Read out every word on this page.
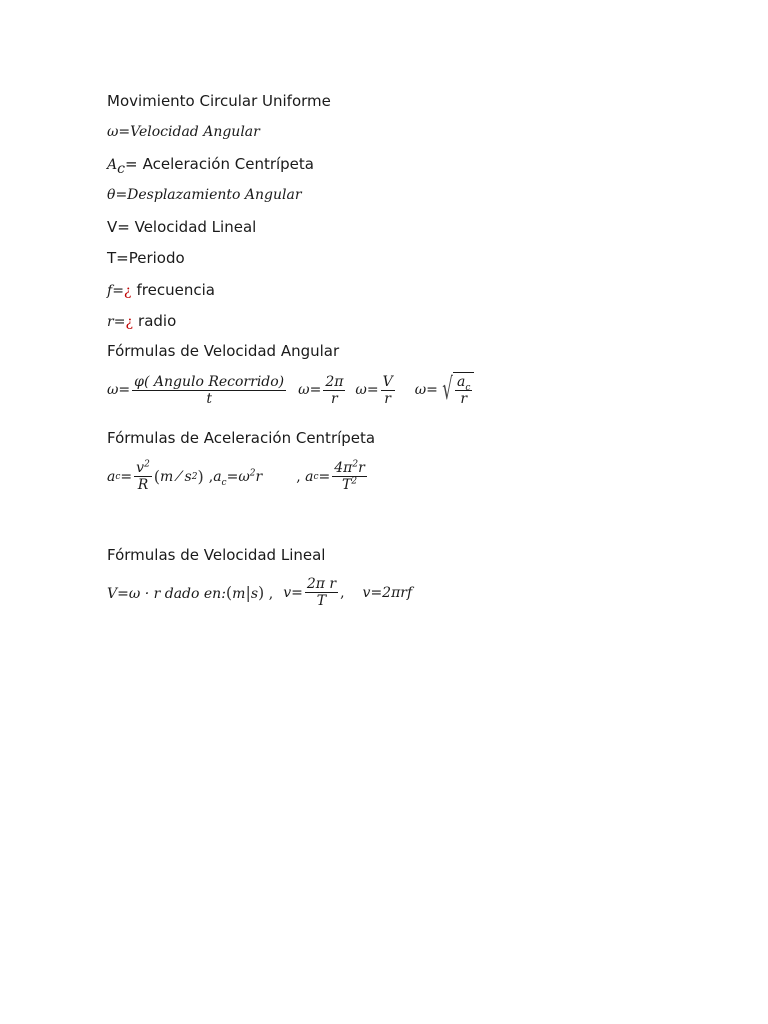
Movimiento Circular Uniforme
ω=Velocidad Angular
$A_c=$ Aceleración Centrípeta
θ=Desplazamiento Angular
V= Velocidad Lineal
T=Periodo
f=¿ frecuencia
r=¿ radio
Fórmulas de Velocidad Angular
$\omega= \frac{\text{φ( Angulo Recorrido)}}{t} \omega= \frac{2\pi}{r} \omega= \frac{V}{r} \omega=$ √ $\frac{a_c}{r}$
Fórmulas de Aceleración Centrípeta
a $c = \frac{v^2}{R}$ ( m ⁄ s 2 ) $,a_c=\omega^2r$ ,
a $c = \frac{4\pi^2r}{T^2}$
Fórmulas de Velocidad Lineal
V=ω · r dado en:(m|s) , $v= \frac{\text{2π r}}{T}$ , v=2πrf
